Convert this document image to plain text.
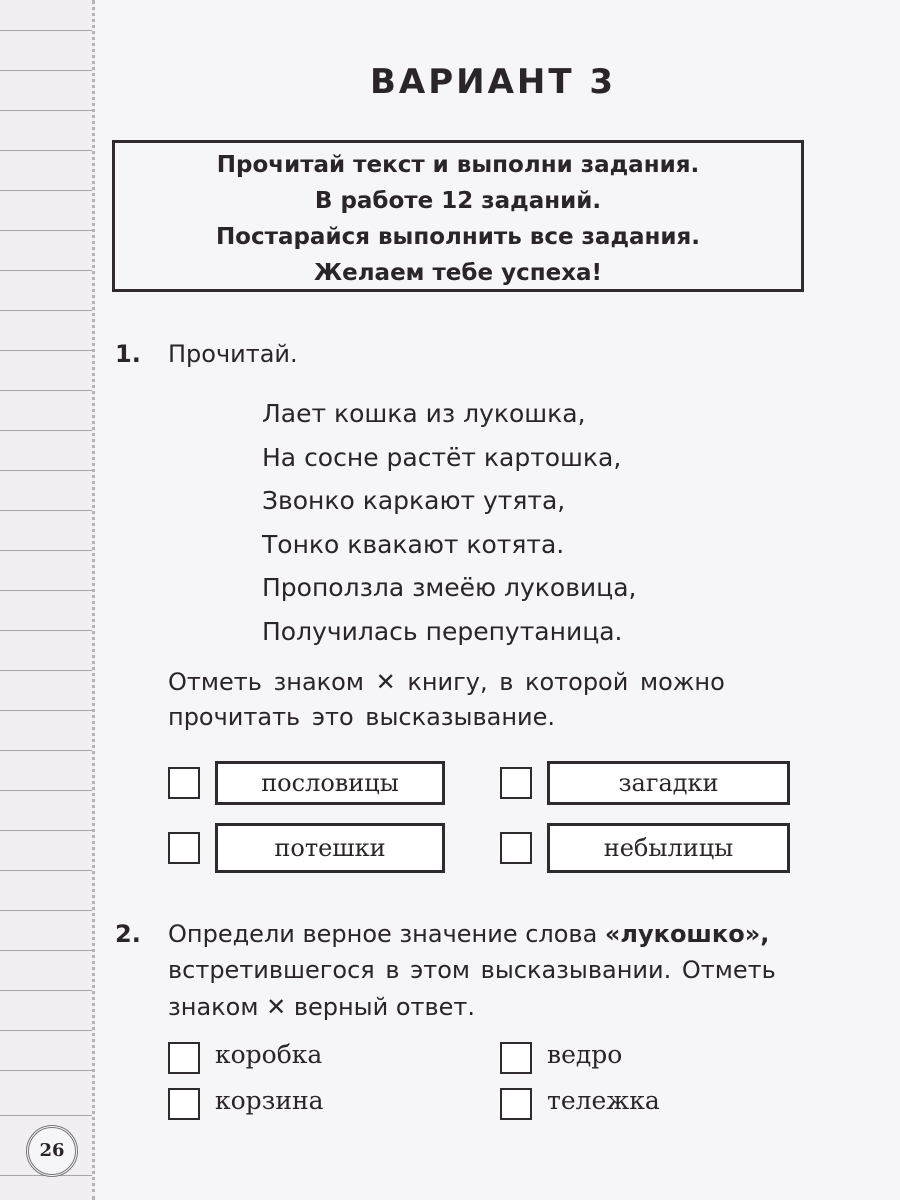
ВАРИАНТ 3
Прочитай текст и выполни задания.
В работе 12 заданий.
Постарайся выполнить все задания.
Желаем тебе успеха!
1. Прочитай.
Лает кошка из лукошка,
На сосне растёт картошка,
Звонко каркают утята,
Тонко квакают котята.
Проползла змеёю луковица,
Получилась перепутаница.
Отметь знаком ✕ книгу, в которой можно
прочитать это высказывание.
пословицы	загадки
потешки	небылицы
2. Определи верное значение слова «лукошко»,
встретившегося в этом высказывании. Отметь
знаком ✕ верный ответ.
коробка	ведро
корзина	тележка
26
